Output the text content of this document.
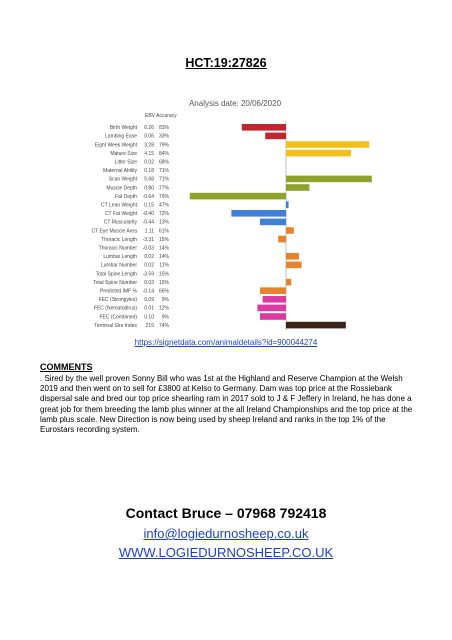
HCT:19:27826
Analysis date: 20/06/2020
EBV Accuracy
Birth Weight 0.26 83%
Lambing Ease 0.06 33%
Eight Week Weight 3.28 79%
Mature Size 4.15 84%
Litter Size 0.02 68%
Maternal Ability 0.18 71%
Scan Weight 5.68 71%
Muscle Depth 0.80 77%
Fat Depth -0.64 79%
CT Lean Weight 0.15 47%
CT Fat Weight -0.40 72%
CT Muscularity -0.44 13%
CT Eye Muscle Area 1.11 61%
Thoracic Length -3.31 15%
Thoracic Number -0.03 14%
Lumbar Length 0.02 14%
Lumbar Number 0.02 11%
Total Spine Length -3.59 15%
Total Spine Number 0.03 15%
Predicted IMF % -0.14 66%
FEC (Strongyles) 0.09 9%
FEC (Nematodirus) 0.01 12%
FEC (Combined) 0.10 9%
Terminal Sire Index 215 74%
https://signetdata.com/animaldetails?id=900044274
COMMENTS
. Sired by the well proven Sonny Bill who was 1st at the Highland and Reserve Champion at the Welsh 2019 and then went on to sell for £3800 at Kelso to Germany. Dam was top price at the Rossiebank dispersal sale and bred our top price shearling ram in 2017 sold to J & F Jeffery in Ireland, he has done a great job for them breeding the lamb plus winner at the all Ireland Championships and the top price at the lamb plus scale. New Direction is now being used by sheep Ireland and ranks in the top 1% of the Eurostars recording system.
Contact Bruce – 07968 792418
info@logiedurnosheep.co.uk
WWW.LOGIEDURNOSHEEP.CO.UK
